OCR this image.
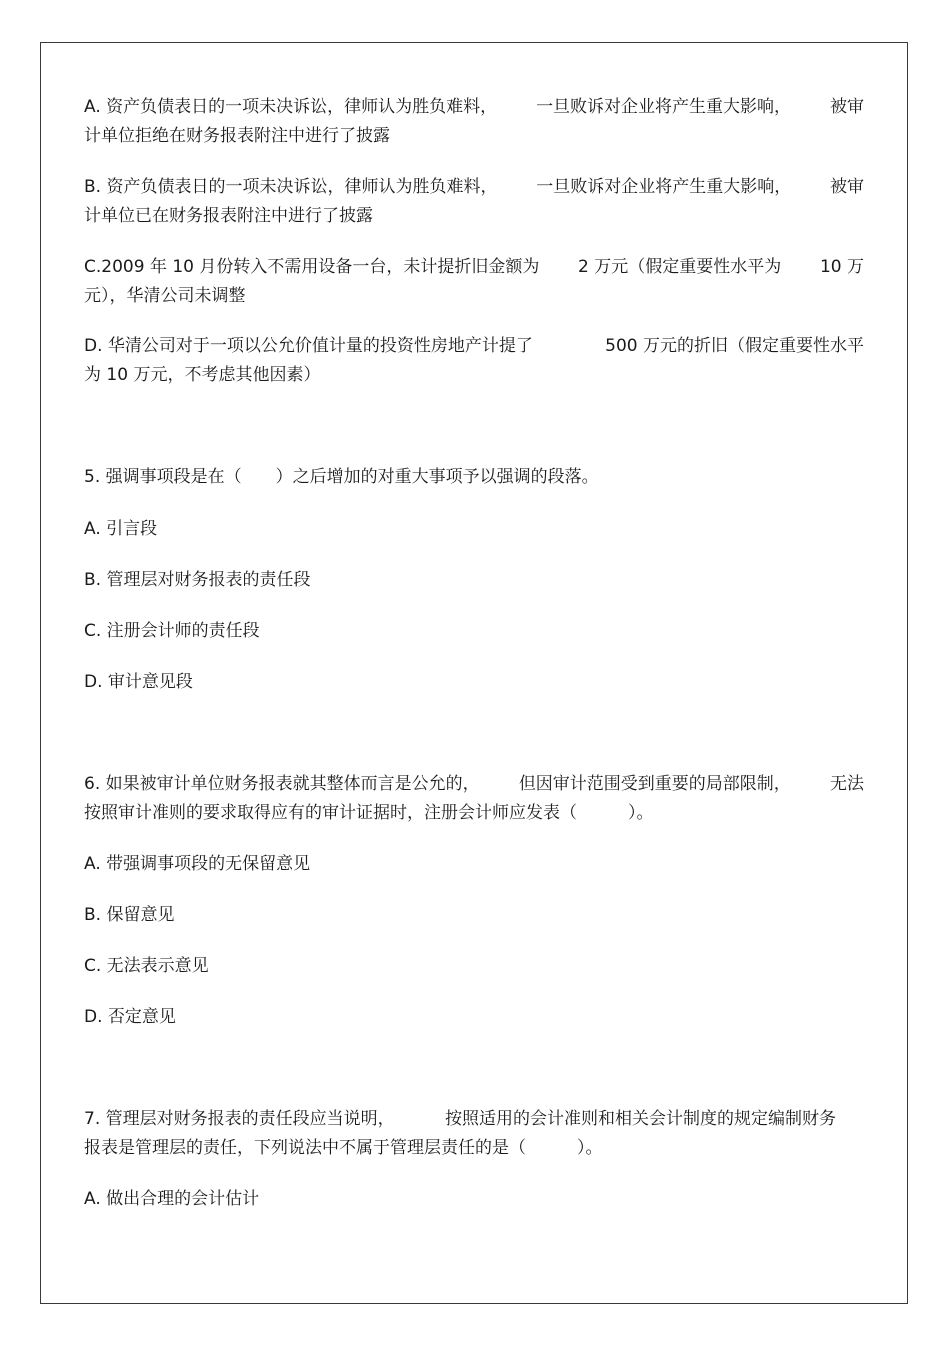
A. 资产负债表日的一项未决诉讼，律师认为胜负难料， 一旦败诉对企业将产生重大影响， 被审
计单位拒绝在财务报表附注中进行了披露
B. 资产负债表日的一项未决诉讼，律师认为胜负难料， 一旦败诉对企业将产生重大影响， 被审
计单位已在财务报表附注中进行了披露
C.2009 年 10 月份转入不需用设备一台，未计提折旧金额为 2 万元（假定重要性水平为 10 万
元），华清公司未调整
D. 华清公司对于一项以公允价值计量的投资性房地产计提了	500 万元的折旧（假定重要性水平
为 10 万元，不考虑其他因素）
5. 强调事项段是在（　　）之后增加的对重大事项予以强调的段落。
A. 引言段
B. 管理层对财务报表的责任段
C. 注册会计师的责任段
D. 审计意见段
6. 如果被审计单位财务报表就其整体而言是公允的， 但因审计范围受到重要的局部限制， 无法
按照审计准则的要求取得应有的审计证据时，注册会计师应发表（　　　）。
A. 带强调事项段的无保留意见
B. 保留意见
C. 无法表示意见
D. 否定意见
7. 管理层对财务报表的责任段应当说明，	按照适用的会计准则和相关会计制度的规定编制财务
报表是管理层的责任，下列说法中不属于管理层责任的是（　　　）。
A. 做出合理的会计估计
